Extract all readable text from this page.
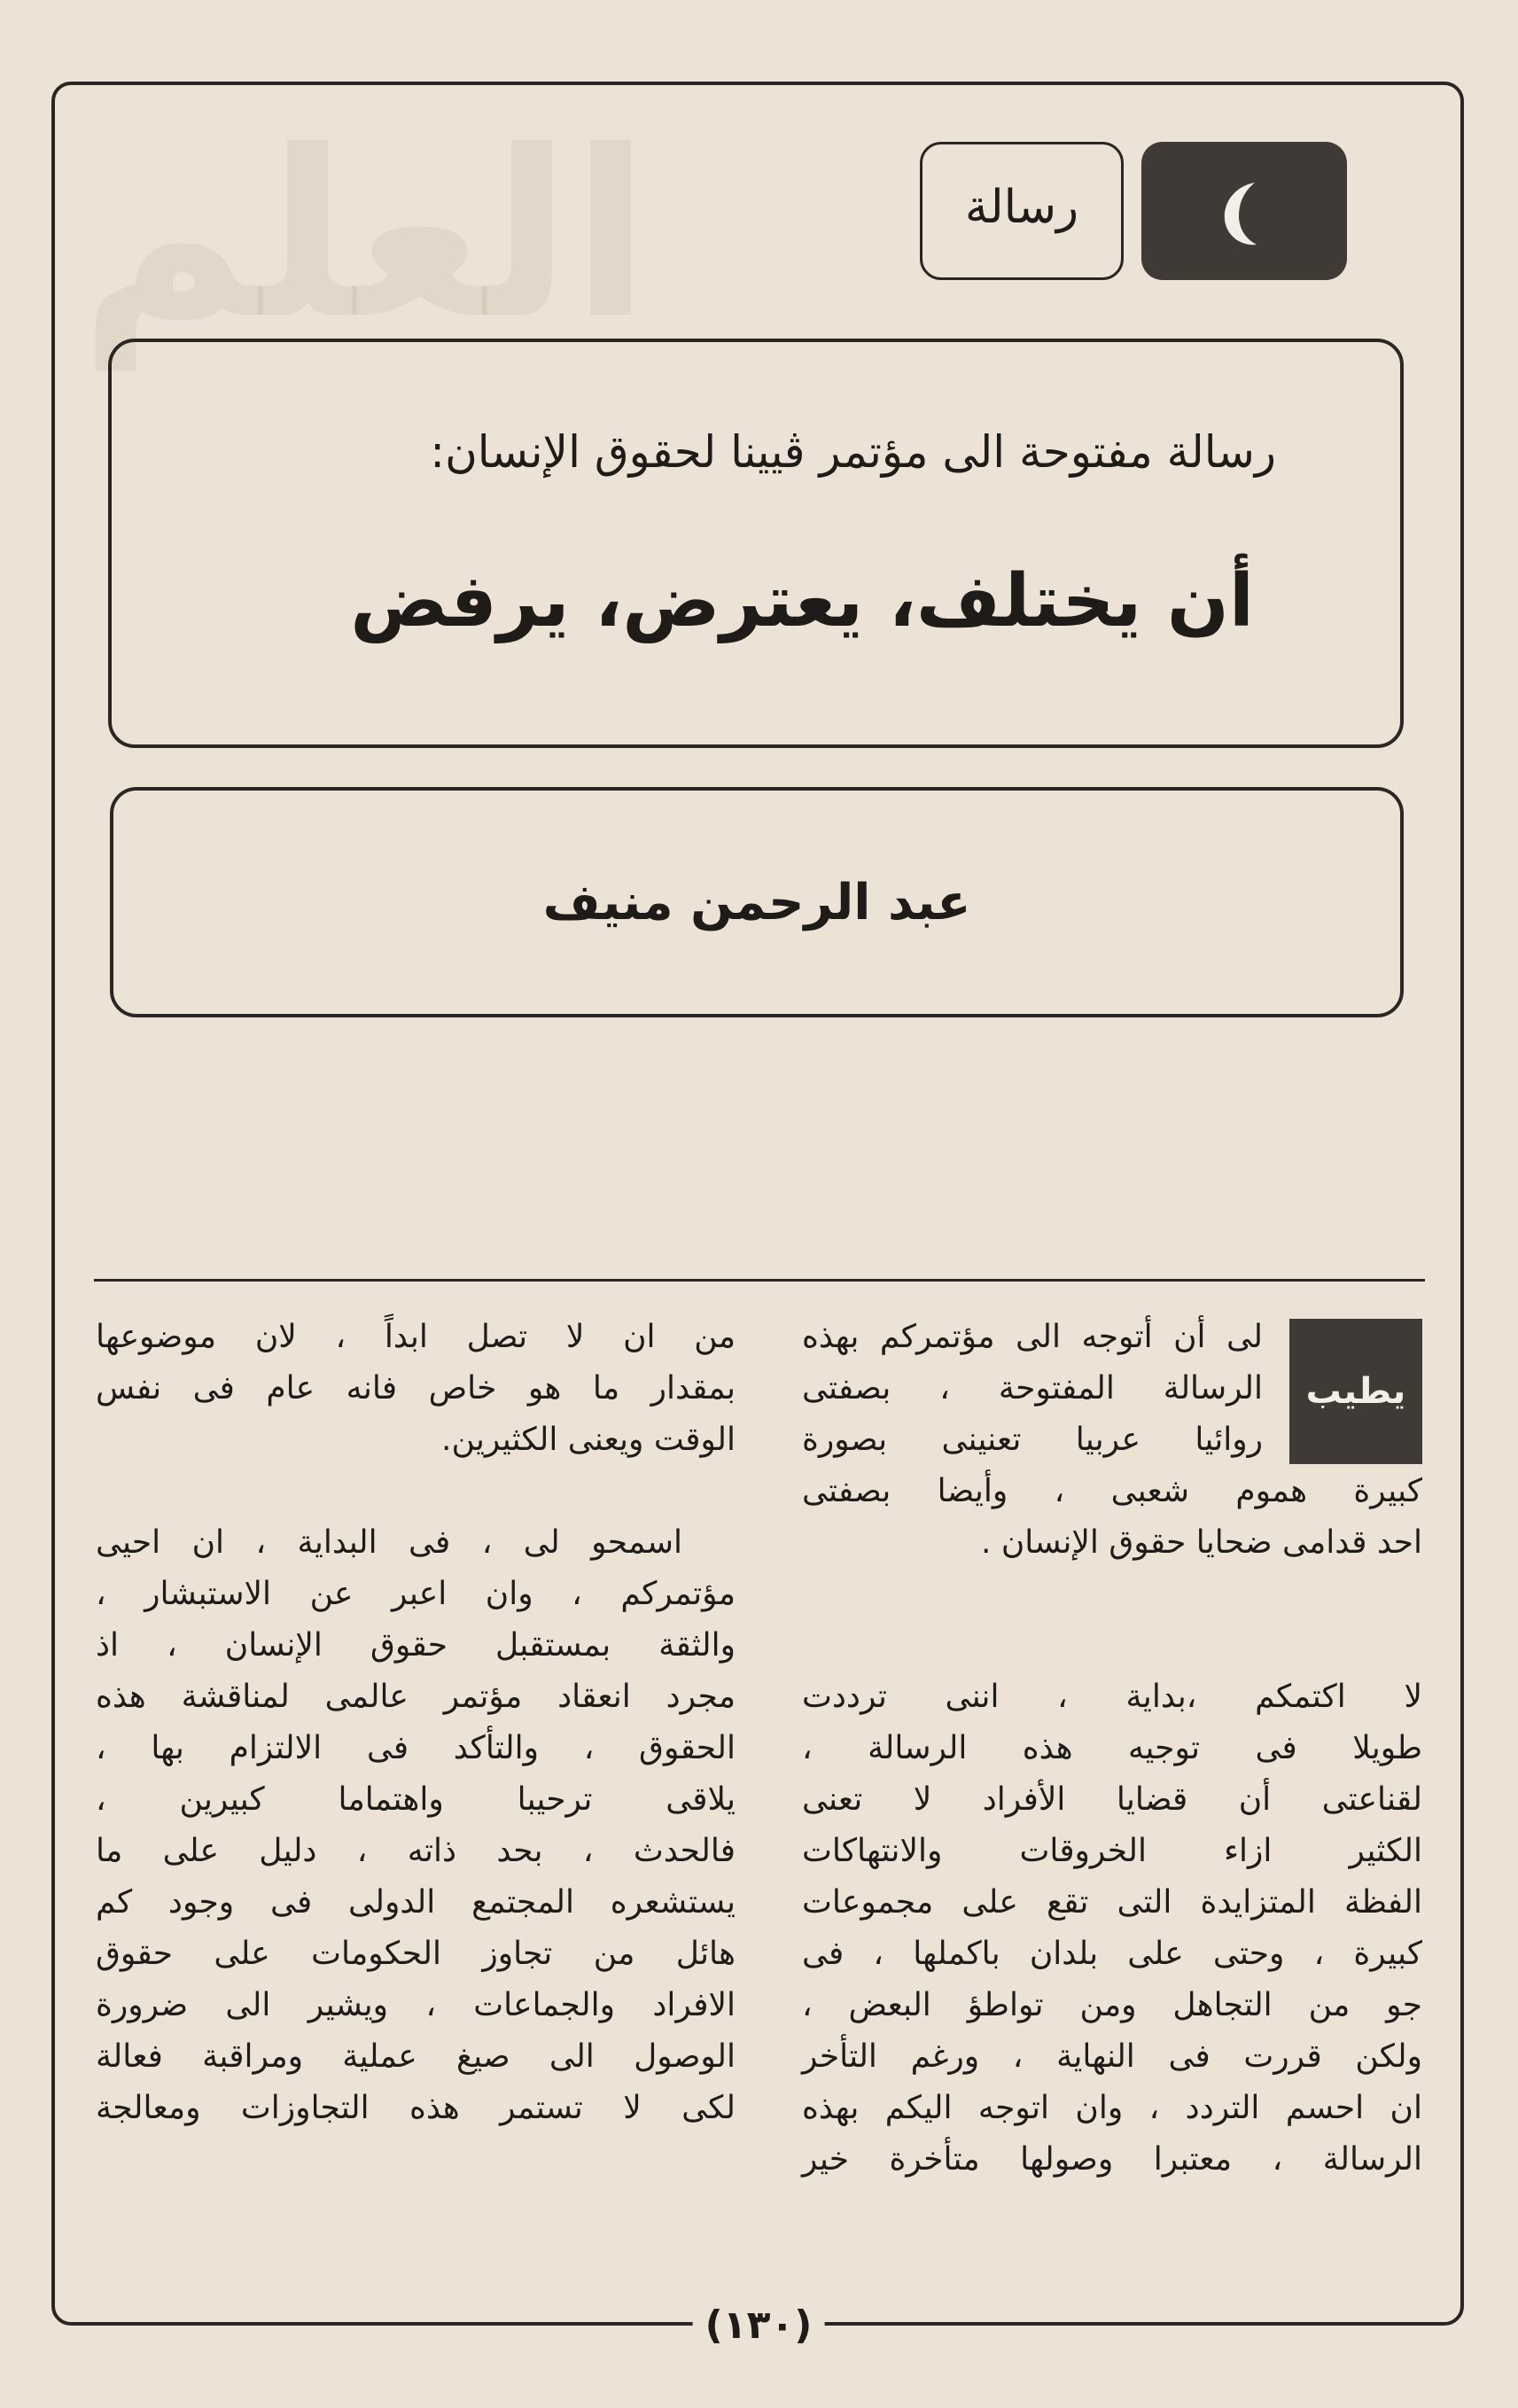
ﺍﻟﻌﻠﻢ	رسالة
رسالة مفتوحة الى مؤتمر ڤيينا لحقوق الإنسان:
أن يختلف، يعترض، يرفض
عبد الرحمن منيف
يطيب
لى أن أتوجه الى مؤتمركم بهذه
الرسالة المفتوحة ، بصفتى
روائيا عربيا تعنينى بصورة
كبيرة هموم شعبى ، وأيضا بصفتى
احد قدامى ضحايا حقوق الإنسان .
لا اكتمكم ،بداية ، اننى ترددت
طويلا فى توجيه هذه الرسالة ،
لقناعتى أن قضايا الأفراد لا تعنى
الكثير ازاء الخروقات والانتهاكات
الفظة المتزايدة التى تقع على مجموعات
كبيرة ، وحتى على بلدان باكملها ، فى
جو من التجاهل ومن تواطؤ البعض ،
ولكن قررت فى النهاية ، ورغم التأخر
ان احسم التردد ، وان اتوجه اليكم بهذه
الرسالة ، معتبرا وصولها متأخرة خير
من ان لا تصل ابداً ، لان موضوعها
بمقدار ما هو خاص فانه عام فى نفس
الوقت ويعنى الكثيرين.
اسمحو لى ، فى البداية ، ان احيى
مؤتمركم ، وان اعبر عن الاستبشار ،
والثقة بمستقبل حقوق الإنسان ، اذ
مجرد انعقاد مؤتمر عالمى لمناقشة هذه
الحقوق ، والتأكد فى الالتزام بها ،
يلاقى ترحيبا واهتماما كبيرين ،
فالحدث ، بحد ذاته ، دليل على ما
يستشعره المجتمع الدولى فى وجود كم
هائل من تجاوز الحكومات على حقوق
الافراد والجماعات ، ويشير الى ضرورة
الوصول الى صيغ عملية ومراقبة فعالة
لكى لا تستمر هذه التجاوزات ومعالجة
(١٣٠)
